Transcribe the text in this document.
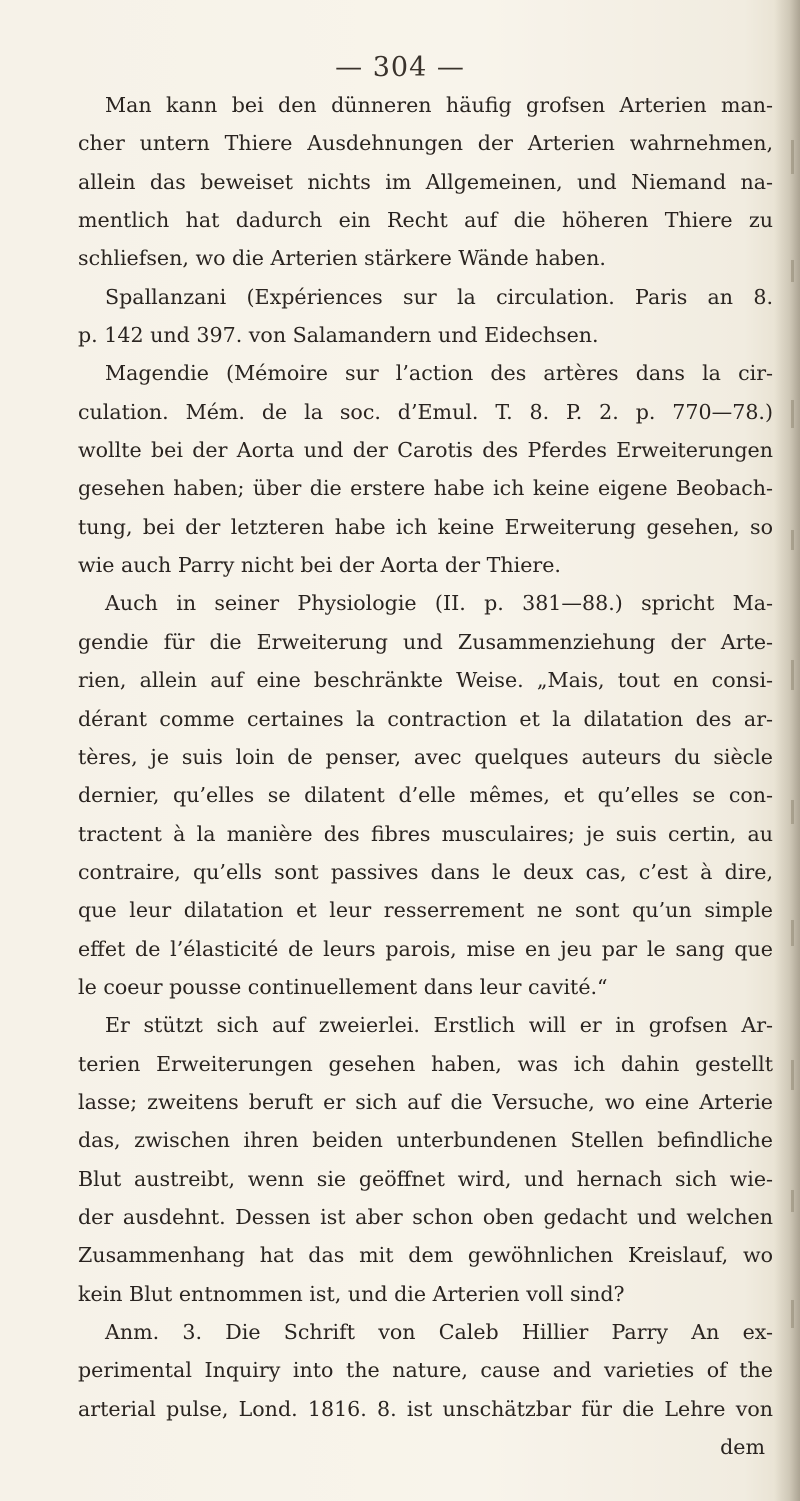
— 304 —
Man kann bei den dünneren häufig grofsen Arterien man-
cher untern Thiere Ausdehnungen der Arterien wahrnehmen,
allein das beweiset nichts im Allgemeinen, und Niemand na-
mentlich hat dadurch ein Recht auf die höheren Thiere zu
schliefsen, wo die Arterien stärkere Wände haben.
Spallanzani (Expériences sur la circulation. Paris an 8.
p. 142 und 397. von Salamandern und Eidechsen.
Magendie (Mémoire sur l’action des artères dans la cir-
culation. Mém. de la soc. d’Emul. T. 8. P. 2. p. 770—78.)
wollte bei der Aorta und der Carotis des Pferdes Erweiterungen
gesehen haben; über die erstere habe ich keine eigene Beobach-
tung, bei der letzteren habe ich keine Erweiterung gesehen, so
wie auch Parry nicht bei der Aorta der Thiere.
Auch in seiner Physiologie (II. p. 381—88.) spricht Ma-
gendie für die Erweiterung und Zusammenziehung der Arte-
rien, allein auf eine beschränkte Weise. „Mais, tout en consi-
dérant comme certaines la contraction et la dilatation des ar-
tères, je suis loin de penser, avec quelques auteurs du siècle
dernier, qu’elles se dilatent d’elle mêmes, et qu’elles se con-
tractent à la manière des fibres musculaires; je suis certin, au
contraire, qu’ells sont passives dans le deux cas, c’est à dire,
que leur dilatation et leur resserrement ne sont qu’un simple
effet de l’élasticité de leurs parois, mise en jeu par le sang que
le coeur pousse continuellement dans leur cavité.“
Er stützt sich auf zweierlei. Erstlich will er in grofsen Ar-
terien Erweiterungen gesehen haben, was ich dahin gestellt
lasse; zweitens beruft er sich auf die Versuche, wo eine Arterie
das, zwischen ihren beiden unterbundenen Stellen befindliche
Blut austreibt, wenn sie geöffnet wird, und hernach sich wie-
der ausdehnt. Dessen ist aber schon oben gedacht und welchen
Zusammenhang hat das mit dem gewöhnlichen Kreislauf, wo
kein Blut entnommen ist, und die Arterien voll sind?
Anm. 3. Die Schrift von Caleb Hillier Parry An ex-
perimental Inquiry into the nature, cause and varieties of the
arterial pulse, Lond. 1816. 8. ist unschätzbar für die Lehre von
dem
